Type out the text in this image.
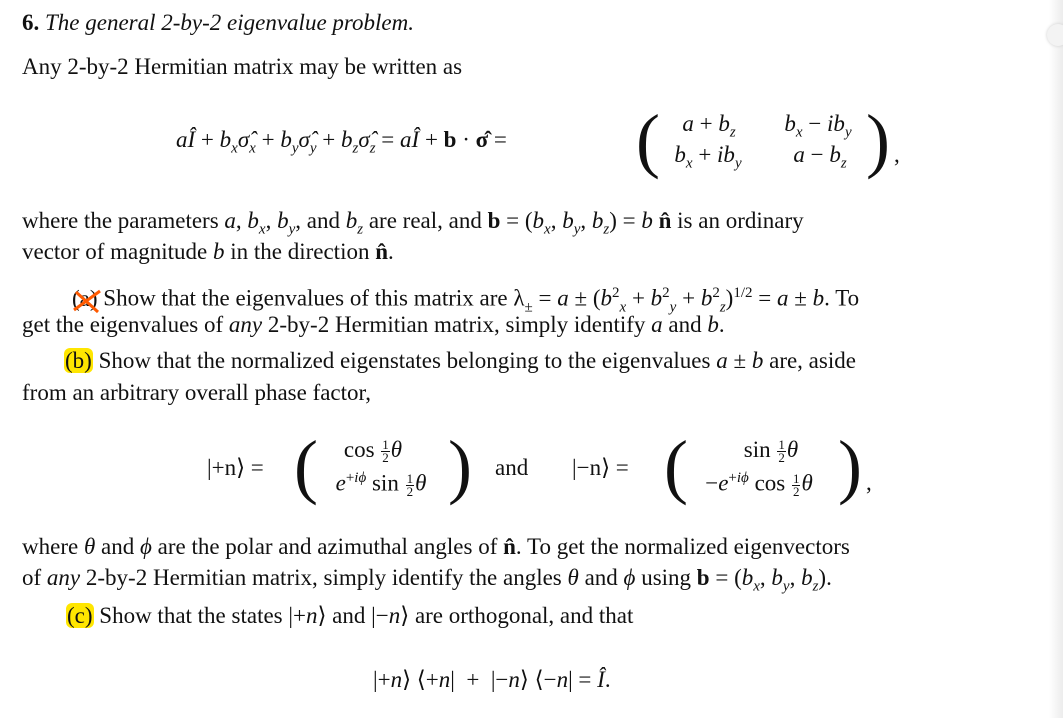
6. The general 2-by-2 eigenvalue problem.
Any 2-by-2 Hermitian matrix may be written as
aÎ + $b_x\sigmâ_x$ + $b_y\sigmâ_y$ + $b_z\sigmâ_z$ = aÎ + b · σ̂ = ( $a + b_z$	$b_x - ib_y$
$b_x + ib_y$	$a - b_z$ ) ,
where the parameters a, $b_x$, $b_y$, and $b_z$ are real, and $b = (b_x$, $b_y$, $b_z) = b$ n̂ is an ordinary
vector of magnitude b in the direction n̂.
(a)
Show that the eigenvalues of this matrix are $\lambda_\pm = a \pm (b^2_x + b^2_y + b^2_z)^{1/2} = a \pm b$. To
get the eigenvalues of any 2-by-2 Hermitian matrix, simply identify a and b.
(b) Show that the normalized eigenstates belonging to the eigenvalues a ± b are, aside
from an arbitrary overall phase factor,
|+n⟩ = (	$\cos \frac{1}{2}$ θ
$e^{+i\phi}$ $\sin \frac{1}{2}$ θ ) and |−n⟩ = (	$\sin \frac{1}{2}$ θ
$-e^{+i\phi}$ $\cos \frac{1}{2}$ θ ) ,
where θ and ϕ are the polar and azimuthal angles of n̂. To get the normalized eigenvectors
of any 2-by-2 Hermitian matrix, simply identify the angles θ and ϕ using $b = (b_x$, $b_y$, $b_z$).
(c) Show that the states |+n⟩ and |−n⟩ are orthogonal, and that
|+n⟩ ⟨+n|  +  |−n⟩ ⟨−n| = Î.
